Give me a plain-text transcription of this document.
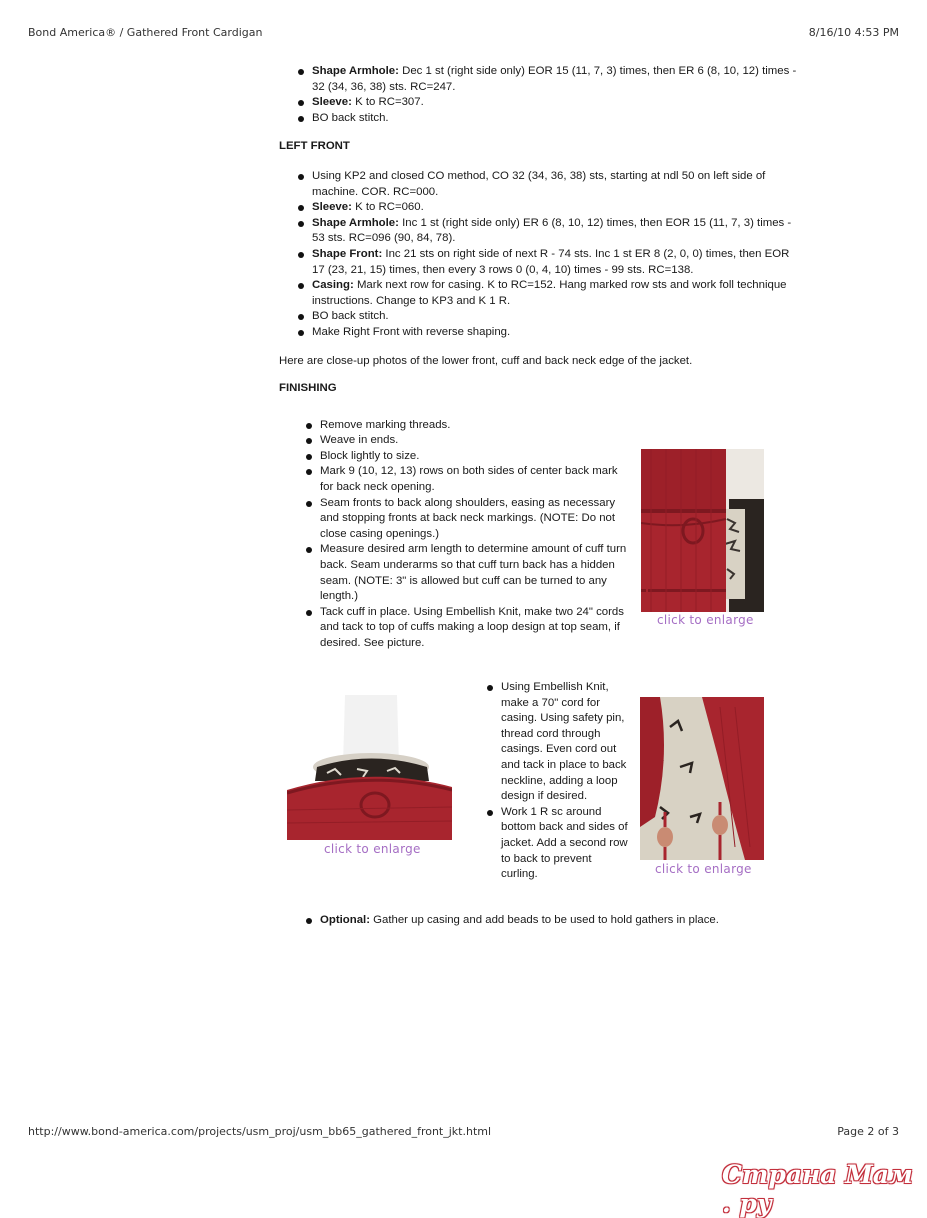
Bond America® / Gathered Front Cardigan	8/16/10 4:53 PM
Shape Armhole: Dec 1 st (right side only) EOR 15 (11, 7, 3) times, then ER 6 (8, 10, 12) times - 32 (34, 36, 38) sts. RC=247.
Sleeve: K to RC=307.
BO back stitch.
LEFT FRONT
Using KP2 and closed CO method, CO 32 (34, 36, 38) sts, starting at ndl 50 on left side of machine. COR. RC=000.
Sleeve: K to RC=060.
Shape Armhole: Inc 1 st (right side only) ER 6 (8, 10, 12) times, then EOR 15 (11, 7, 3) times - 53 sts. RC=096 (90, 84, 78).
Shape Front: Inc 21 sts on right side of next R - 74 sts. Inc 1 st ER 8 (2, 0, 0) times, then EOR 17 (23, 21, 15) times, then every 3 rows 0 (0, 4, 10) times - 99 sts. RC=138.
Casing: Mark next row for casing. K to RC=152. Hang marked row sts and work foll technique instructions. Change to KP3 and K 1 R.
BO back stitch.
Make Right Front with reverse shaping.
Here are close-up photos of the lower front, cuff and back neck edge of the jacket.
FINISHING
Remove marking threads.
Weave in ends.
Block lightly to size.
Mark 9 (10, 12, 13) rows on both sides of center back mark for back neck opening.
Seam fronts to back along shoulders, easing as necessary and stopping fronts at back neck markings. (NOTE: Do not close casing openings.)
Measure desired arm length to determine amount of cuff turn back. Seam underarms so that cuff turn back has a hidden seam. (NOTE: 3" is allowed but cuff can be turned to any length.)
Tack cuff in place. Using Embellish Knit, make two 24" cords and tack to top of cuffs making a loop design at top seam, if desired. See picture.
click to enlarge
click to enlarge
Using Embellish Knit, make a 70" cord for casing. Using safety pin, thread cord through casings. Even cord out and tack in place to back neckline, adding a loop design if desired.
Work 1 R sc around bottom back and sides of jacket. Add a second row to back to prevent curling.	click to enlarge
Optional: Gather up casing and add beads to be used to hold gathers in place.
http://www.bond-america.com/projects/usm_proj/usm_bb65_gathered_front_jkt.html	Page 2 of 3
Страна Мам . ру
